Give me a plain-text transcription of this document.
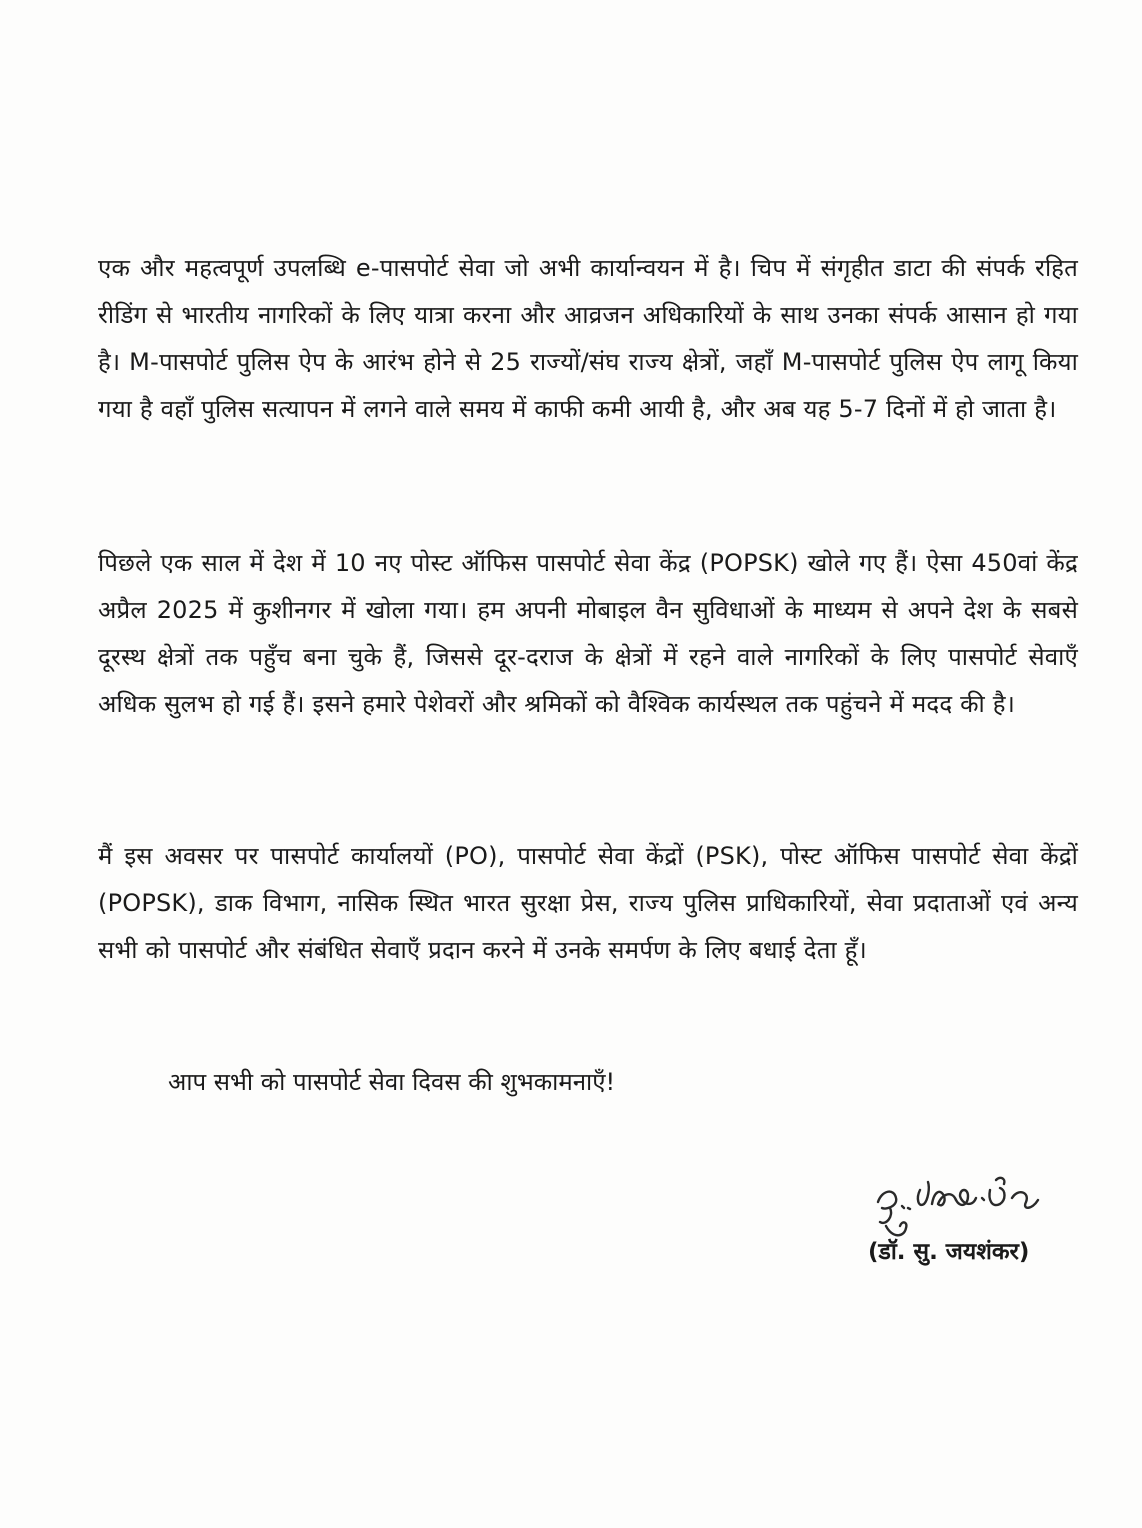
एक और महत्वपूर्ण उपलब्धि e-पासपोर्ट सेवा जो अभी कार्यान्वयन में है। चिप में संगृहीत डाटा की संपर्क रहित रीडिंग से भारतीय नागरिकों के लिए यात्रा करना और आव्रजन अधिकारियों के साथ उनका संपर्क आसान हो गया है। M-पासपोर्ट पुलिस ऐप के आरंभ होने से 25 राज्यों/संघ राज्य क्षेत्रों, जहाँ M-पासपोर्ट पुलिस ऐप लागू किया गया है वहाँ पुलिस सत्यापन में लगने वाले समय में काफी कमी आयी है, और अब यह 5-7 दिनों में हो जाता है।

पिछले एक साल में देश में 10 नए पोस्ट ऑफिस पासपोर्ट सेवा केंद्र (POPSK) खोले गए हैं। ऐसा 450वां केंद्र अप्रैल 2025 में कुशीनगर में खोला गया। हम अपनी मोबाइल वैन सुविधाओं के माध्यम से अपने देश के सबसे दूरस्थ क्षेत्रों तक पहुँच बना चुके हैं, जिससे दूर-दराज के क्षेत्रों में रहने वाले नागरिकों के लिए पासपोर्ट सेवाएँ अधिक सुलभ हो गई हैं। इसने हमारे पेशेवरों और श्रमिकों को वैश्विक कार्यस्थल तक पहुंचने में मदद की है।

मैं इस अवसर पर पासपोर्ट कार्यालयों (PO), पासपोर्ट सेवा केंद्रों (PSK), पोस्ट ऑफिस पासपोर्ट सेवा केंद्रों (POPSK), डाक विभाग, नासिक स्थित भारत सुरक्षा प्रेस, राज्य पुलिस प्राधिकारियों, सेवा प्रदाताओं एवं अन्य सभी को पासपोर्ट और संबंधित सेवाएँ प्रदान करने में उनके समर्पण के लिए बधाई देता हूँ।

आप सभी को पासपोर्ट सेवा दिवस की शुभकामनाएँ!

(डॉ. सु. जयशंकर)
